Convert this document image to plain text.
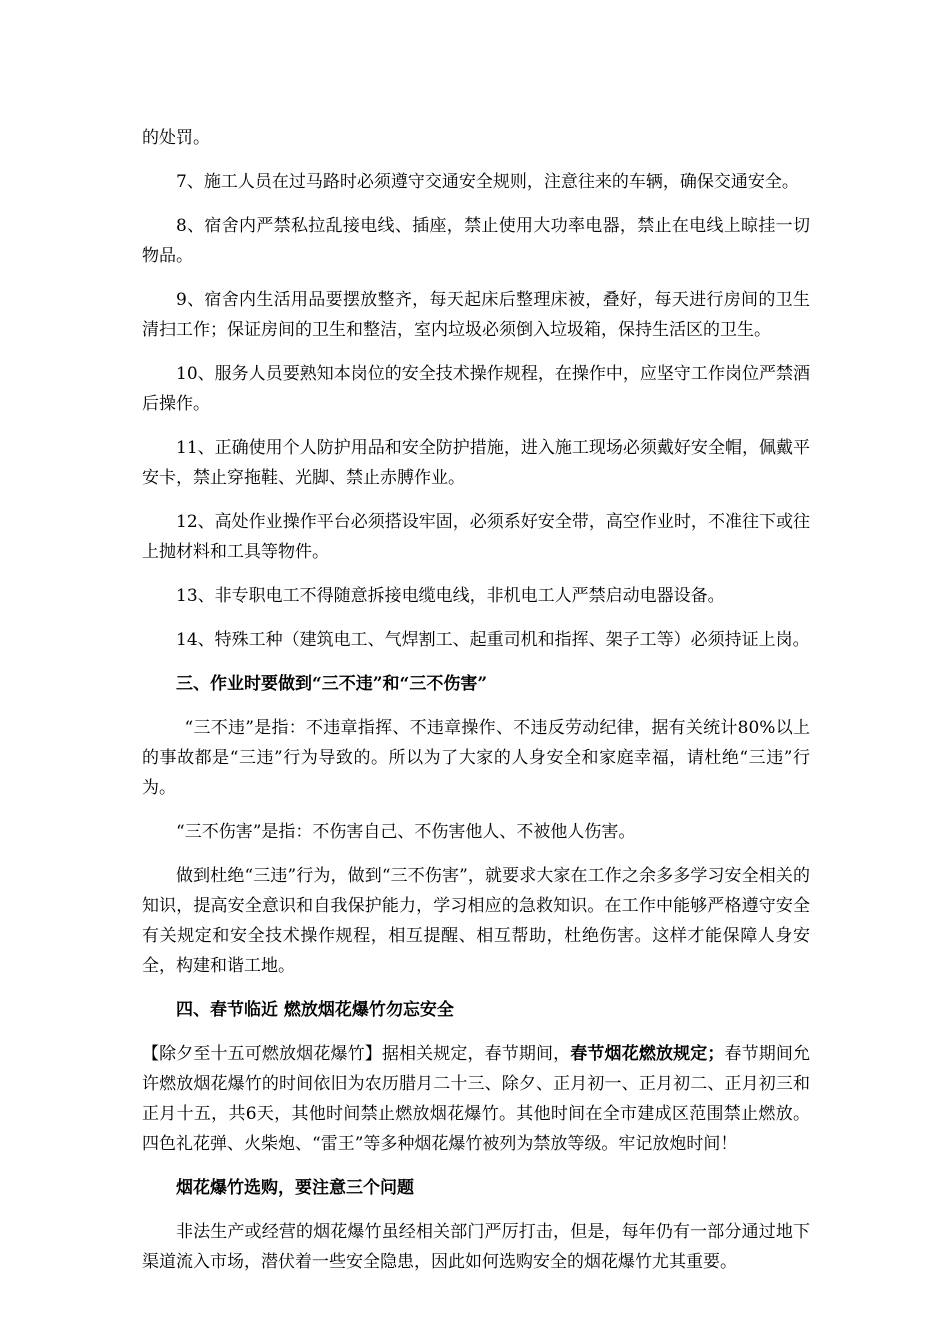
的处罚。

7、施工人员在过马路时必须遵守交通安全规则，注意往来的车辆，确保交通安全。

8、宿舍内严禁私拉乱接电线、插座，禁止使用大功率电器，禁止在电线上晾挂一切物品。

9、宿舍内生活用品要摆放整齐，每天起床后整理床被，叠好，每天进行房间的卫生清扫工作；保证房间的卫生和整洁，室内垃圾必须倒入垃圾箱，保持生活区的卫生。

10、服务人员要熟知本岗位的安全技术操作规程，在操作中，应坚守工作岗位严禁酒后操作。

11、正确使用个人防护用品和安全防护措施，进入施工现场必须戴好安全帽，佩戴平安卡，禁止穿拖鞋、光脚、禁止赤膊作业。

12、高处作业操作平台必须搭设牢固，必须系好安全带，高空作业时，不准往下或往上抛材料和工具等物件。

13、非专职电工不得随意拆接电缆电线，非机电工人严禁启动电器设备。

14、特殊工种（建筑电工、气焊割工、起重司机和指挥、架子工等）必须持证上岗。

三、作业时要做到“三不违”和“三不伤害”

“三不违”是指：不违章指挥、不违章操作、不违反劳动纪律，据有关统计80%以上的事故都是“三违”行为导致的。所以为了大家的人身安全和家庭幸福，请杜绝“三违”行为。

“三不伤害”是指：不伤害自己、不伤害他人、不被他人伤害。

做到杜绝“三违”行为，做到“三不伤害”，就要求大家在工作之余多多学习安全相关的知识，提高安全意识和自我保护能力，学习相应的急救知识。在工作中能够严格遵守安全有关规定和安全技术操作规程，相互提醒、相互帮助，杜绝伤害。这样才能保障人身安全，构建和谐工地。

四、春节临近 燃放烟花爆竹勿忘安全

【除夕至十五可燃放烟花爆竹】据相关规定，春节期间，春节烟花燃放规定；春节期间允许燃放烟花爆竹的时间依旧为农历腊月二十三、除夕、正月初一、正月初二、正月初三和正月十五，共6天，其他时间禁止燃放烟花爆竹。其他时间在全市建成区范围禁止燃放。四色礼花弹、火柴炮、“雷王”等多种烟花爆竹被列为禁放等级。牢记放炮时间！

烟花爆竹选购，要注意三个问题

非法生产或经营的烟花爆竹虽经相关部门严厉打击，但是，每年仍有一部分通过地下渠道流入市场，潜伏着一些安全隐患，因此如何选购安全的烟花爆竹尤其重要。
